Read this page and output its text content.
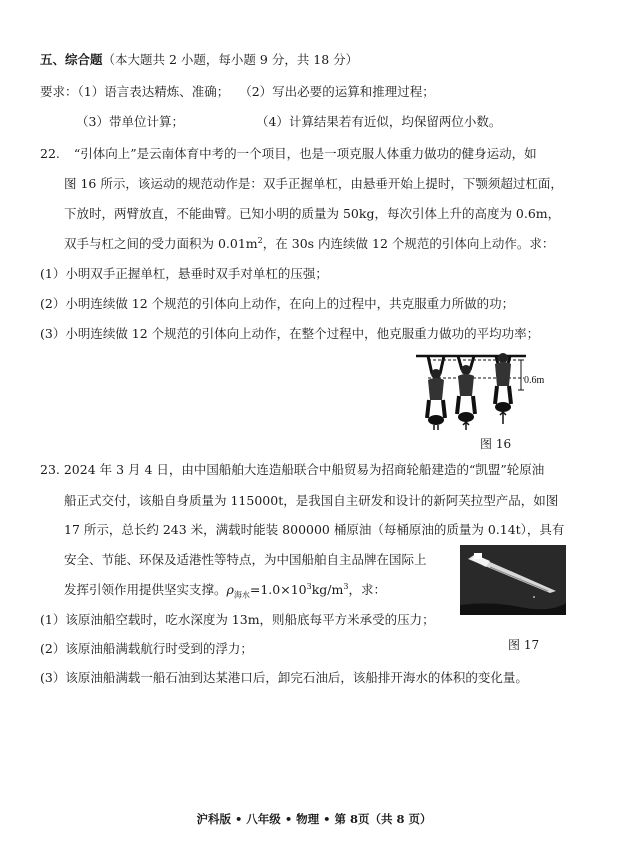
五、综合题（本大题共 2 小题，每小题 9 分，共 18 分）
要求：（1）语言表达精炼、准确； （2）写出必要的运算和推理过程；
（3）带单位计算；	（4）计算结果若有近似，均保留两位小数。
22. “引体向上”是云南体育中考的一个项目，也是一项克服人体重力做功的健身运动，如
图 16 所示，该运动的规范动作是：双手正握单杠，由悬垂开始上提时，下颚须超过杠面，
下放时，两臂放直，不能曲臂。已知小明的质量为 50kg，每次引体上升的高度为 0.6m，
双手与杠之间的受力面积为 $0.01m^2$，在 30s 内连续做 12 个规范的引体向上动作。求：
(1）小明双手正握单杠，悬垂时双手对单杠的压强；
(2）小明连续做 12 个规范的引体向上动作，在向上的过程中，共克服重力所做的功；
(3）小明连续做 12 个规范的引体向上动作，在整个过程中，他克服重力做功的平均功率；
0.6m
图 16
23. 2024 年 3 月 4 日，由中国船舶大连造船联合中船贸易为招商轮船建造的“凯盟”轮原油
船正式交付，该船自身质量为 115000t，是我国自主研发和设计的新阿芙拉型产品，如图
17 所示，总长约 243 米，满载时能装 800000 桶原油（每桶原油的质量为 0.14t），具有
安全、节能、环保及适港性等特点，为中国船舶自主品牌在国际上
发挥引领作用提供坚实支撑。$\rho_{海水}=1.0\times 10^3kg/m^3$，求：
(1）该原油船空载时，吃水深度为 13m，则船底每平方米承受的压力；
(2）该原油船满载航行时受到的浮力；
(3）该原油船满载一船石油到达某港口后，卸完石油后，该船排开海水的体积的变化量。
图 17
沪科版 • 八年级 • 物理 • 第 8页（共 8 页）
